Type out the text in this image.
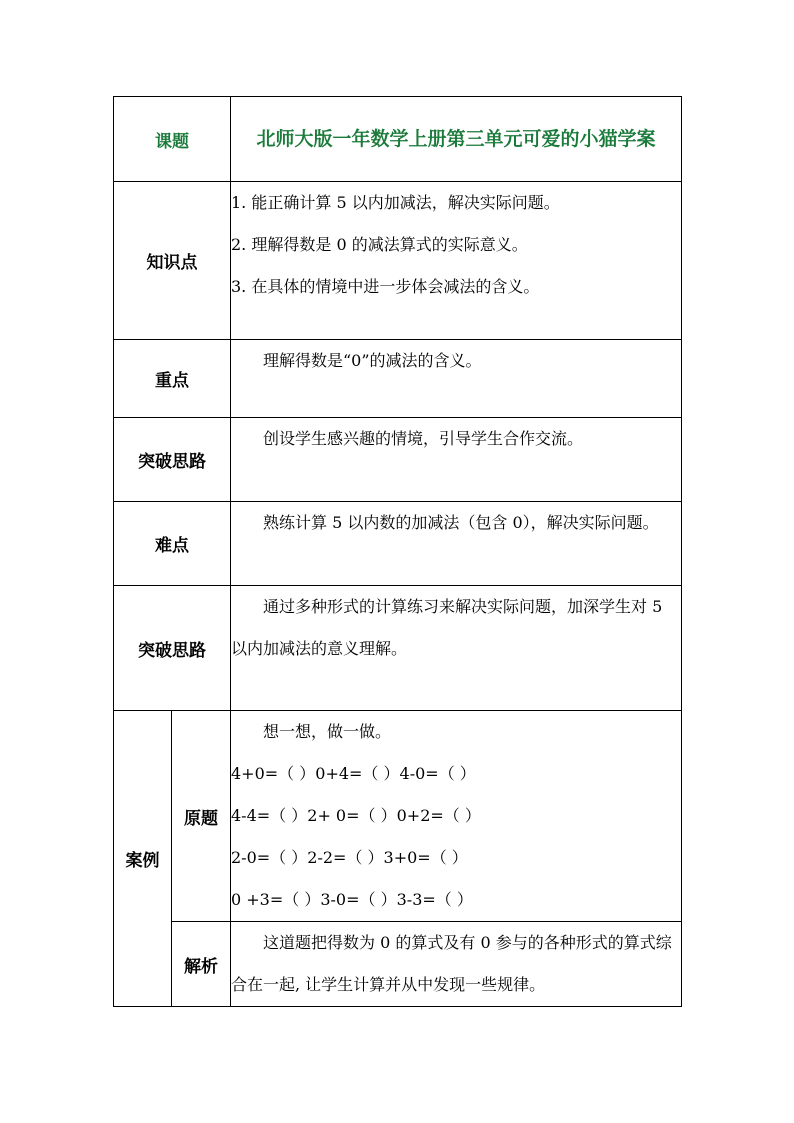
课题		北师大版一年数学上册第三单元可爱的小猫学案
知识点		1. 能正确计算 5 以内加减法，解决实际问题。
2. 理解得数是 0 的减法算式的实际意义。
3. 在具体的情境中进一步体会减法的含义。

重点		理解得数是“0”的减法的含义。

突破思路		创设学生感兴趣的情境，引导学生合作交流。

难点		熟练计算 5 以内数的加减法（包含 0），解决实际问题。

突破思路		通过多种形式的计算练习来解决实际问题，加深学生对 5 以内加减法的意义理解。

案例	原题	想一想，做一做。
4+0=（ ）0+4=（ ）4-0=（ ）
4-4=（ ）2+ 0=（ ）0+2=（ ）
2-0=（ ）2-2=（ ）3+0=（ ）
0 +3=（ ）3-0=（ ）3-3=（ ）

	解析	这道题把得数为 0 的算式及有 0 参与的各种形式的算式综合在一起, 让学生计算并从中发现一些规律。
